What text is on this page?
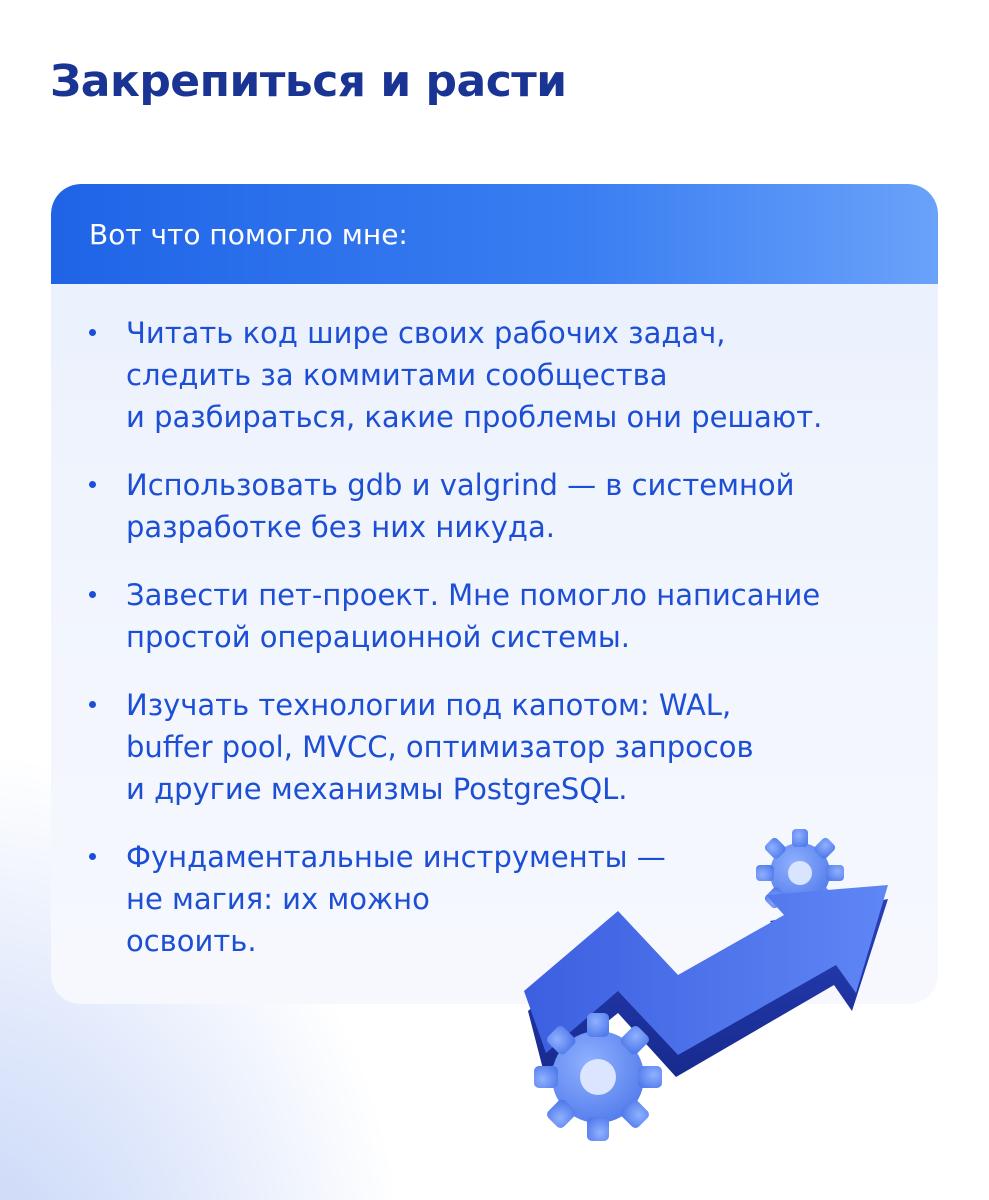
Закрепиться и расти
Вот что помогло мне:
Читать код шире своих рабочих задач,
следить за коммитами сообщества
и разбираться, какие проблемы они решают.
Использовать gdb и valgrind — в системной
разработке без них никуда.
Завести пет-проект. Мне помогло написание
простой операционной системы.
Изучать технологии под капотом: WAL,
buffer pool, MVCC, оптимизатор запросов
и другие механизмы PostgreSQL.
Фундаментальные инструменты —
не магия: их можно
освоить.
